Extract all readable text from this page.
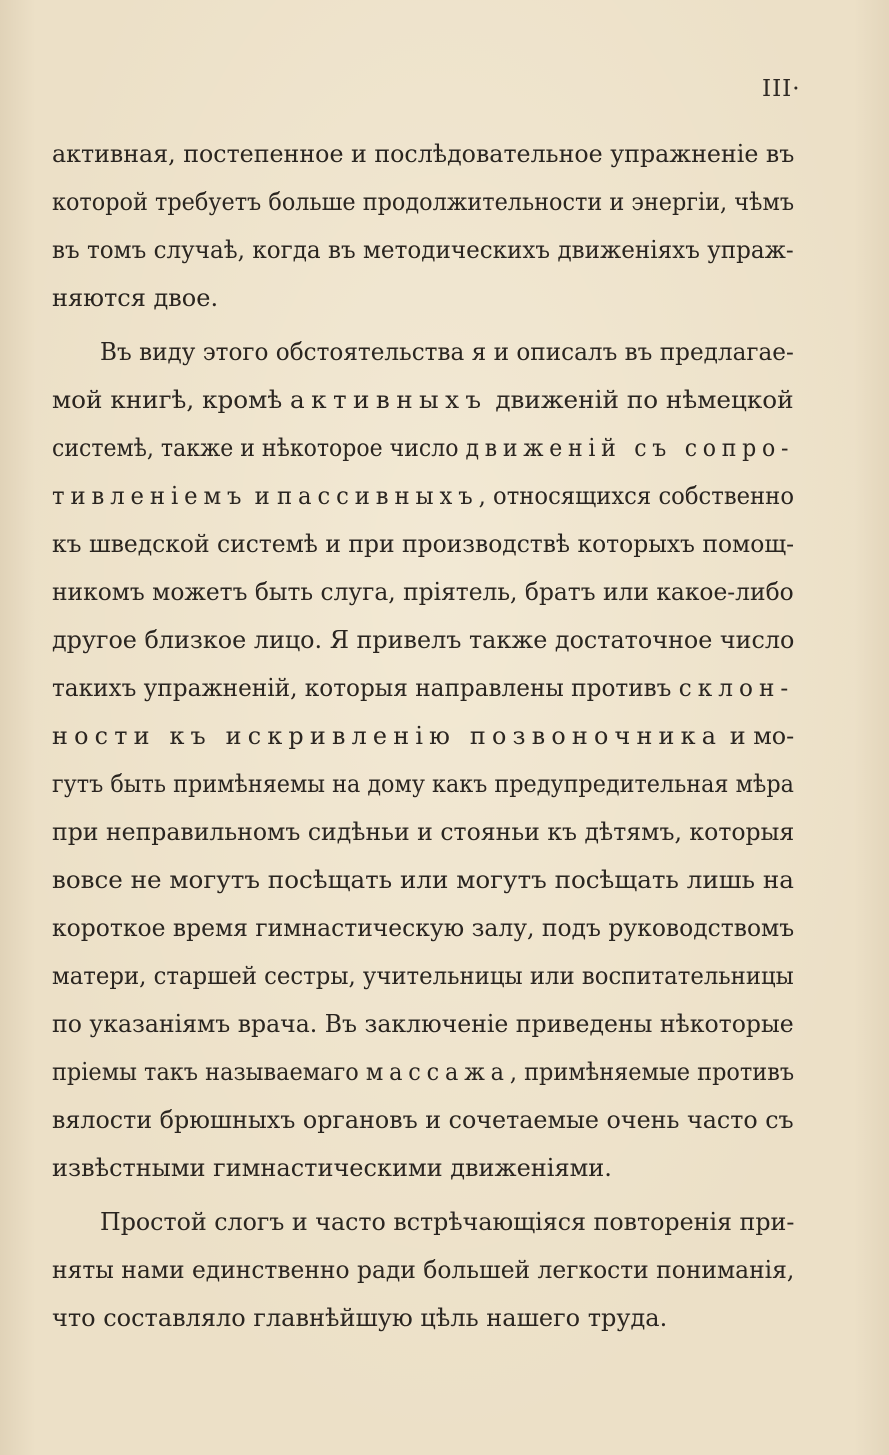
III·
активная, постепенное и послѣдовательное упражненіе въ
которой требуетъ больше продолжительности и энергіи, чѣмъ
въ томъ случаѣ, когда въ методическихъ движеніяхъ упраж-
няются двое.
Въ виду этого обстоятельства я и описалъ въ предлагае-
мой книгѣ, кромѣ активныхъ движеній по нѣмецкой
системѣ, также и нѣкоторое число движеній съ сопро-
тивленіемъ и пассивныхъ, относящихся собственно
къ шведской системѣ и при производствѣ которыхъ помощ-
никомъ можетъ быть слуга, пріятель, братъ или какое-либо
другое близкое лицо. Я привелъ также достаточное число
такихъ упражненій, которыя направлены противъ склон-
ности къ искривленію позвоночника и мо-
гутъ быть примѣняемы на дому какъ предупредительная мѣра
при неправильномъ сидѣньи и стояньи къ дѣтямъ, которыя
вовсе не могутъ посѣщать или могутъ посѣщать лишь на
короткое время гимнастическую залу, подъ руководствомъ
матери, старшей сестры, учительницы или воспитательницы
по указаніямъ врача. Въ заключеніе приведены нѣкоторые
пріемы такъ называемаго массажа, примѣняемые противъ
вялости брюшныхъ органовъ и сочетаемые очень часто съ
извѣстными гимнастическими движеніями.
Простой слогъ и часто встрѣчающіяся повторенія при-
няты нами единственно ради большей легкости пониманія,
что составляло главнѣйшую цѣль нашего труда.
